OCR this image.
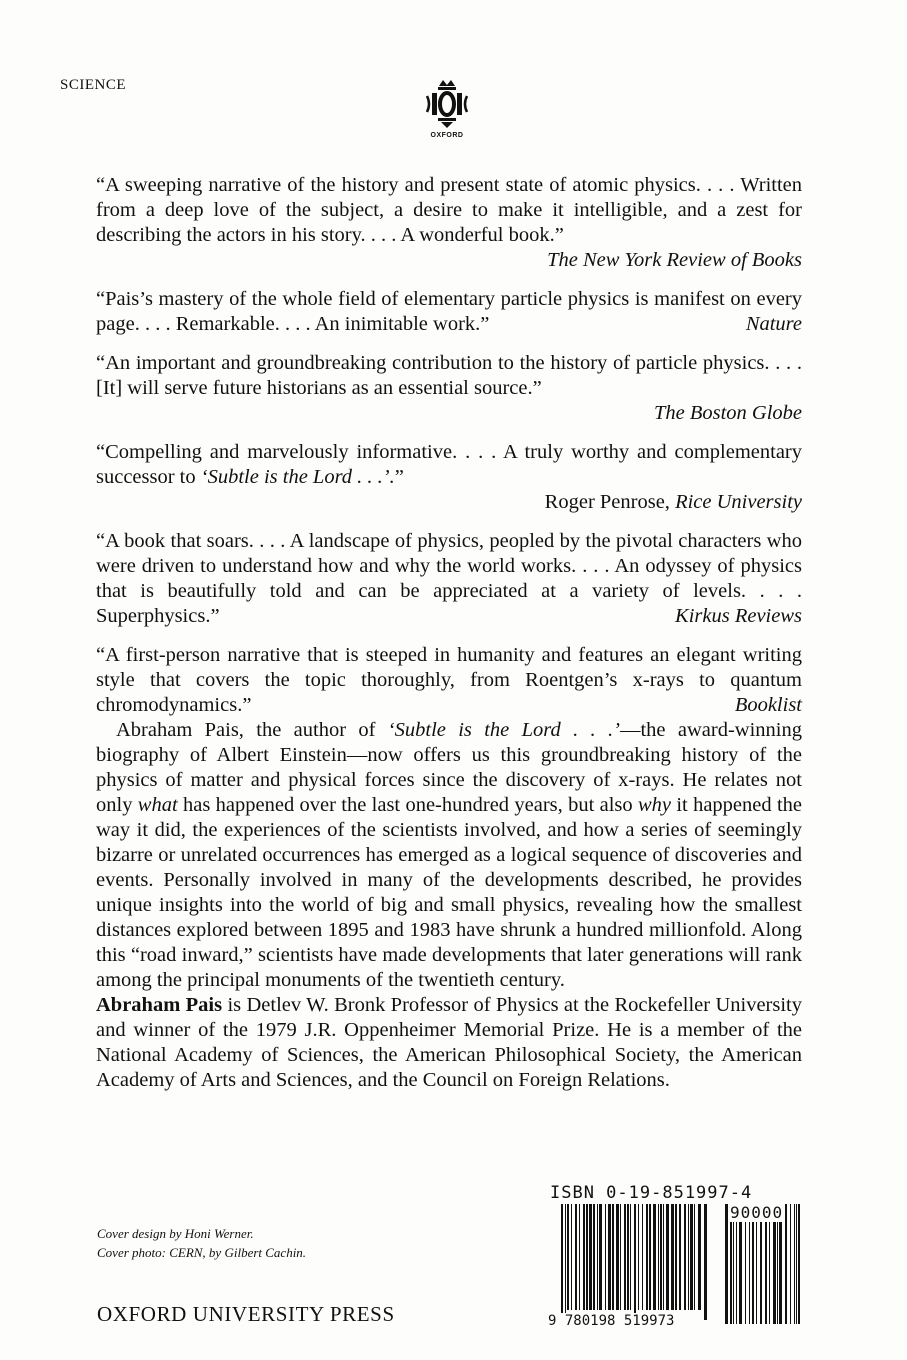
SCIENCE
OXFORD
“A sweeping narrative of the history and present state of atomic physics. . . . Written from a deep love of the subject, a desire to make it intelligible, and a zest for describing the actors in his story. . . . A wonderful book.”
The New York Review of Books
“Pais’s mastery of the whole field of elementary particle physics is manifest on every page. . . . Remarkable. . . . An inimitable work.”	Nature
“An important and groundbreaking contribution to the history of particle physics. . . . [It] will serve future historians as an essential source.”
The Boston Globe
“Compelling and marvelously informative. . . . A truly worthy and complementary successor to ‘Subtle is the Lord . . .’.”
Roger Penrose, Rice University
“A book that soars. . . . A landscape of physics, peopled by the pivotal characters who were driven to understand how and why the world works. . . . An odyssey of physics that is beautifully told and can be appreciated at a variety of levels. . . . Superphysics.”	Kirkus Reviews
“A first-person narrative that is steeped in humanity and features an elegant writing style that covers the topic thoroughly, from Roentgen’s x-rays to quantum chromodynamics.”	Booklist

Abraham Pais, the author of ‘Subtle is the Lord . . .’—the award-winning biography of Albert Einstein—now offers us this groundbreaking history of the physics of matter and physical forces since the discovery of x-rays. He relates not only what has happened over the last one-hundred years, but also why it happened the way it did, the experiences of the scientists involved, and how a series of seemingly bizarre or unrelated occurrences has emerged as a logical sequence of discoveries and events. Personally involved in many of the developments described, he provides unique insights into the world of big and small physics, revealing how the smallest distances explored between 1895 and 1983 have shrunk a hundred millionfold. Along this “road inward,” scientists have made developments that later generations will rank among the principal monuments of the twentieth century.

Abraham Pais is Detlev W. Bronk Professor of Physics at the Rockefeller University and winner of the 1979 J.R. Oppenheimer Memorial Prize. He is a member of the National Academy of Sciences, the American Philosophical Society, the American Academy of Arts and Sciences, and the Council on Foreign Relations.

Cover design by Honi Werner.
Cover photo: CERN, by Gilbert Cachin.
OXFORD UNIVERSITY PRESS
ISBN 0-19-851997-4
90000
9 780198 519973
